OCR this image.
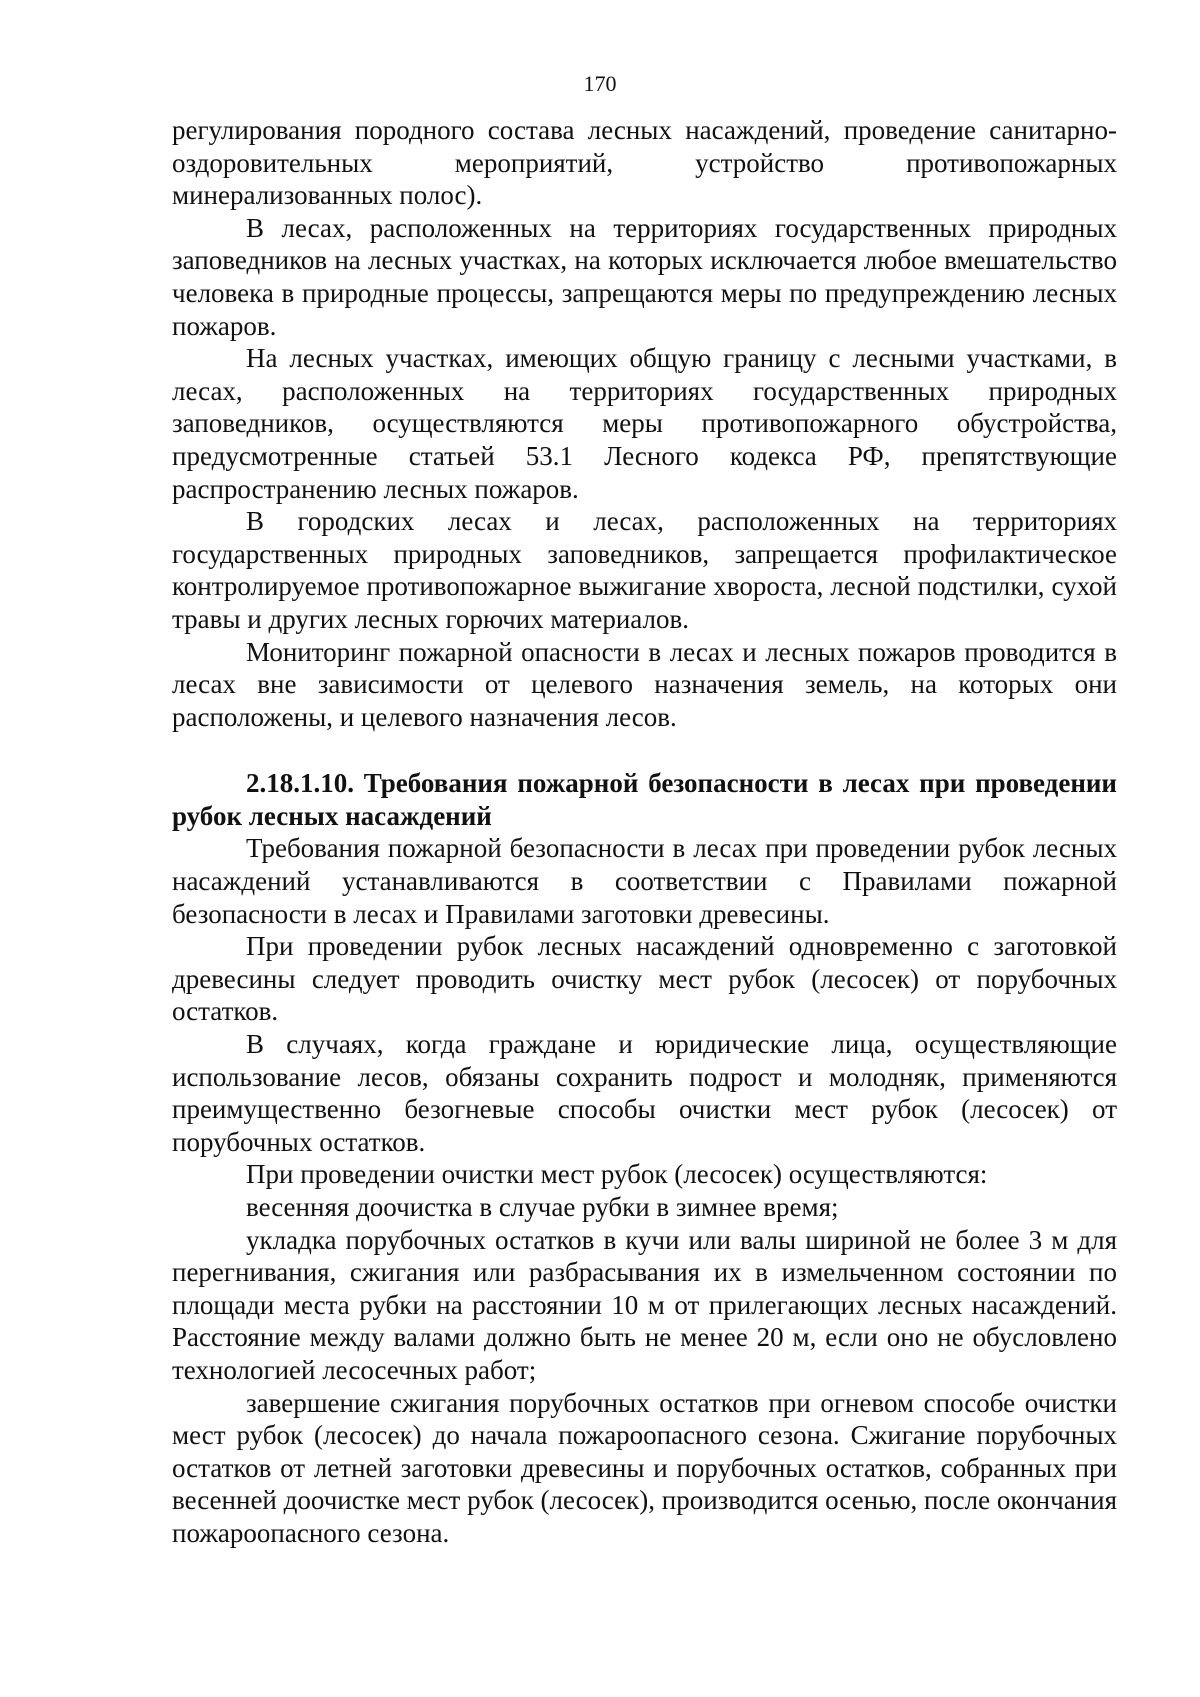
170

регулирования породного состава лесных насаждений, проведение санитарно-оздоровительных мероприятий, устройство противопожарных минерализованных полос).

В лесах, расположенных на территориях государственных природных заповедников на лесных участках, на которых исключается любое вмешательство человека в природные процессы, запрещаются меры по предупреждению лесных пожаров.

На лесных участках, имеющих общую границу с лесными участками, в лесах, расположенных на территориях государственных природных заповедников, осуществляются меры противопожарного обустройства, предусмотренные статьей 53.1 Лесного кодекса РФ, препятствующие распространению лесных пожаров.

В городских лесах и лесах, расположенных на территориях государственных природных заповедников, запрещается профилактическое контролируемое противопожарное выжигание хвороста, лесной подстилки, сухой травы и других лесных горючих материалов.

Мониторинг пожарной опасности в лесах и лесных пожаров проводится в лесах вне зависимости от целевого назначения земель, на которых они расположены, и целевого назначения лесов.

2.18.1.10. Требования пожарной безопасности в лесах при проведении рубок лесных насаждений

Требования пожарной безопасности в лесах при проведении рубок лесных насаждений устанавливаются в соответствии с Правилами пожарной безопасности в лесах и Правилами заготовки древесины.

При проведении рубок лесных насаждений одновременно с заготовкой древесины следует проводить очистку мест рубок (лесосек) от порубочных остатков.

В случаях, когда граждане и юридические лица, осуществляющие использование лесов, обязаны сохранить подрост и молодняк, применяются преимущественно безогневые способы очистки мест рубок (лесосек) от порубочных остатков.

При проведении очистки мест рубок (лесосек) осуществляются:

весенняя доочистка в случае рубки в зимнее время;

укладка порубочных остатков в кучи или валы шириной не более 3 м для перегнивания, сжигания или разбрасывания их в измельченном состоянии по площади места рубки на расстоянии 10 м от прилегающих лесных насаждений. Расстояние между валами должно быть не менее 20 м, если оно не обусловлено технологией лесосечных работ;

завершение сжигания порубочных остатков при огневом способе очистки мест рубок (лесосек) до начала пожароопасного сезона. Сжигание порубочных остатков от летней заготовки древесины и порубочных остатков, собранных при весенней доочистке мест рубок (лесосек), производится осенью, после окончания пожароопасного сезона.
